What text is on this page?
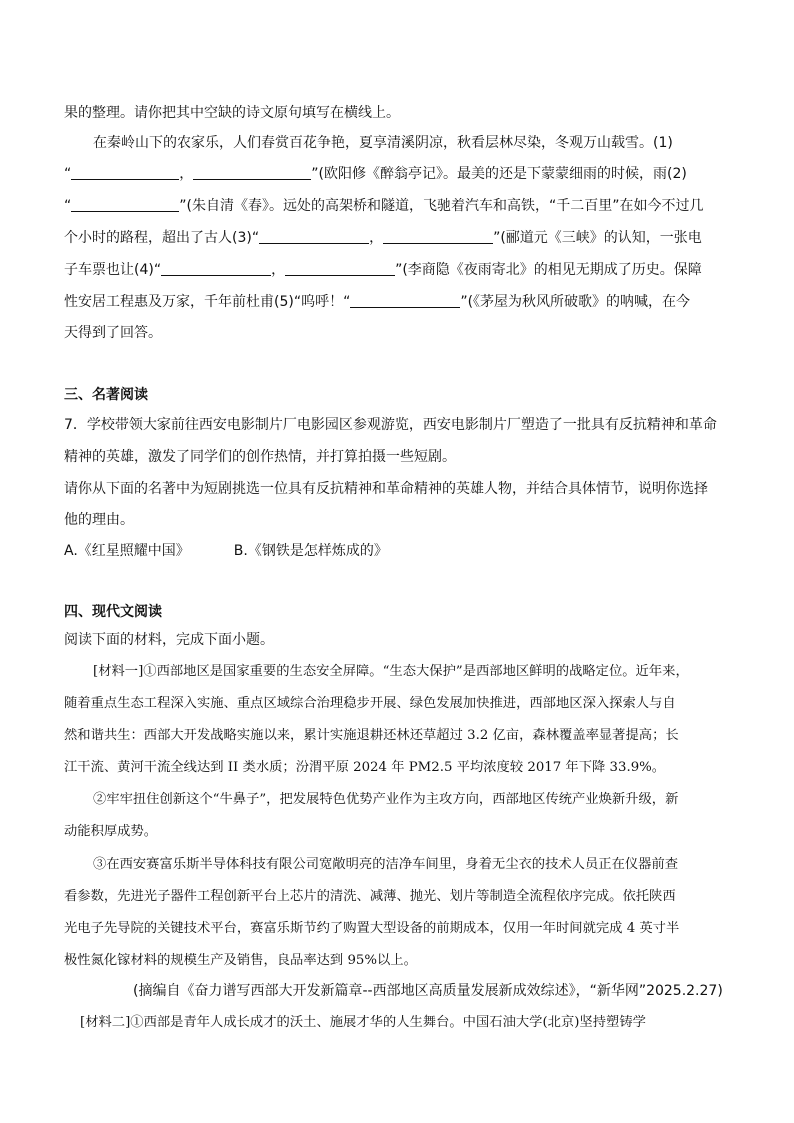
果的整理。请你把其中空缺的诗文原句填写在横线上。
在秦岭山下的农家乐，人们春赏百花争艳，夏享清溪阴凉，秋看层林尽染，冬观万山载雪。(1)
“	，	”(欧阳修《醉翁亭记》。最美的还是下蒙蒙细雨的时候，雨(2)
“	”(朱自清《春》。远处的高架桥和隧道，飞驰着汽车和高铁，“千二百里”在如今不过几
个小时的路程，超出了古人(3)“	，	”(郦道元《三峡》的认知，一张电
子车票也让(4)“	，	”(李商隐《夜雨寄北》的相见无期成了历史。保障
性安居工程惠及万家，千年前杜甫(5)“呜呼！“	”(《茅屋为秋风所破歌》的呐喊，在今
天得到了回答。
三、名著阅读
7．学校带领大家前往西安电影制片厂电影园区参观游览，西安电影制片厂塑造了一批具有反抗精神和革命
精神的英雄，激发了同学们的创作热情，并打算拍摄一些短剧。
请你从下面的名著中为短剧挑选一位具有反抗精神和革命精神的英雄人物，并结合具体情节，说明你选择
他的理由。
A.《红星照耀中国》	B.《钢铁是怎样炼成的》
四、现代文阅读
阅读下面的材料，完成下面小题。
[材料一]①西部地区是国家重要的生态安全屏障。“生态大保护”是西部地区鲜明的战略定位。近年来，
随着重点生态工程深入实施、重点区域综合治理稳步开展、绿色发展加快推进，西部地区深入探索人与自
然和谐共生：西部大开发战略实施以来，累计实施退耕还林还草超过 3.2 亿亩，森林覆盖率显著提高；长
江干流、黄河干流全线达到 II 类水质；汾渭平原 2024 年 PM2.5 平均浓度较 2017 年下降 33.9%。
②牢牢扭住创新这个“牛鼻子”，把发展特色优势产业作为主攻方向，西部地区传统产业焕新升级，新
动能积厚成势。
③在西安赛富乐斯半导体科技有限公司宽敞明亮的洁净车间里，身着无尘衣的技术人员正在仪器前查
看参数，先进光子器件工程创新平台上芯片的清洗、减薄、抛光、划片等制造全流程依序完成。依托陕西
光电子先导院的关键技术平台，赛富乐斯节约了购置大型设备的前期成本，仅用一年时间就完成 4 英寸半
极性氮化镓材料的规模生产及销售，良品率达到 95%以上。
(摘编自《奋力谱写西部大开发新篇章--西部地区高质量发展新成效综述》，“新华网”2025.2.27)
[材料二]①西部是青年人成长成才的沃土、施展才华的人生舞台。中国石油大学(北京)坚持塑铸学
